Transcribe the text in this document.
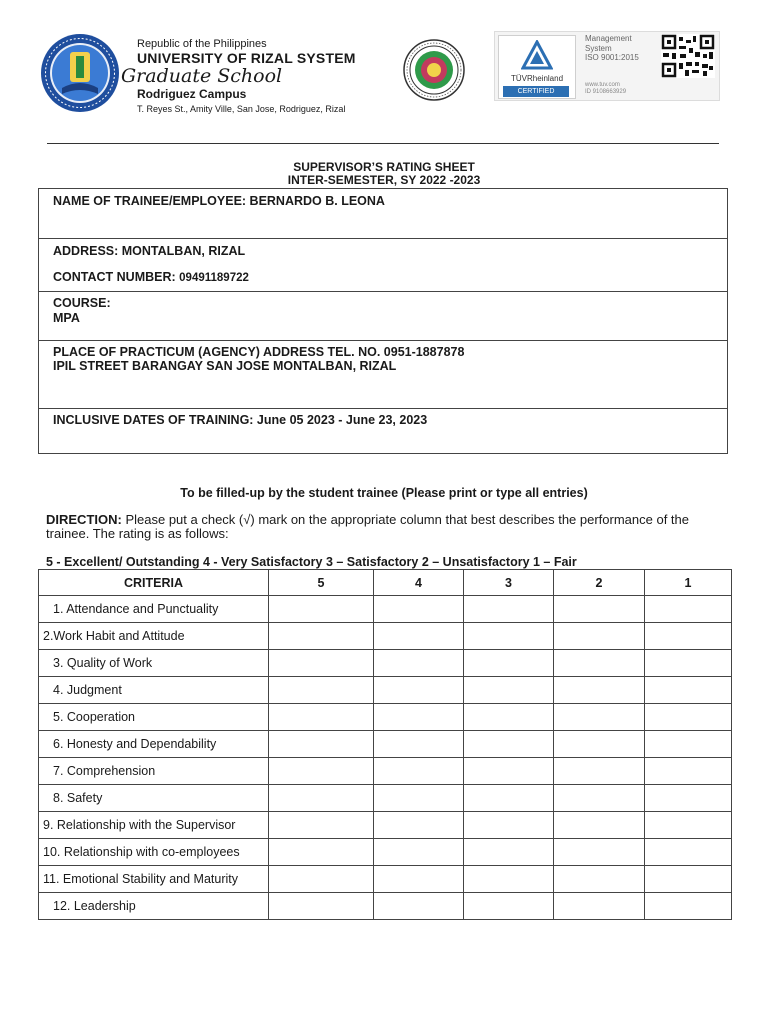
Republic of the Philippines
UNIVERSITY OF RIZAL SYSTEM
Graduate School
Rodriguez Campus
T. Reyes St., Amity Ville, San Jose, Rodriguez, Rizal
TÜVRheinland
CERTIFIED
Management
System
ISO 9001:2015
www.tuv.com
ID 9108663929
SUPERVISOR’S RATING SHEET
INTER-SEMESTER, SY 2022 -2023
NAME OF TRAINEE/EMPLOYEE: BERNARDO B. LEONA
ADDRESS: MONTALBAN, RIZAL
CONTACT NUMBER: 09491189722
COURSE:
MPA
PLACE OF PRACTICUM (AGENCY) ADDRESS TEL. NO. 0951-1887878
IPIL STREET BARANGAY SAN JOSE MONTALBAN, RIZAL
INCLUSIVE DATES OF TRAINING: June 05 2023 - June 23, 2023
To be filled-up by the student trainee (Please print or type all entries)
DIRECTION: Please put a check (√) mark on the appropriate column that best describes the performance of the trainee. The rating is as follows:
5 - Excellent/ Outstanding 4 - Very Satisfactory 3 – Satisfactory 2 – Unsatisfactory 1 – Fair
CRITERIA	5	4	3	2	1
1. Attendance and Punctuality					
2.Work Habit and Attitude					
3. Quality of Work					
4. Judgment					
5. Cooperation					
6. Honesty and Dependability					
7. Comprehension					
8. Safety					
9. Relationship with the Supervisor					
10. Relationship with co-employees					
11. Emotional Stability and Maturity					
12. Leadership					
